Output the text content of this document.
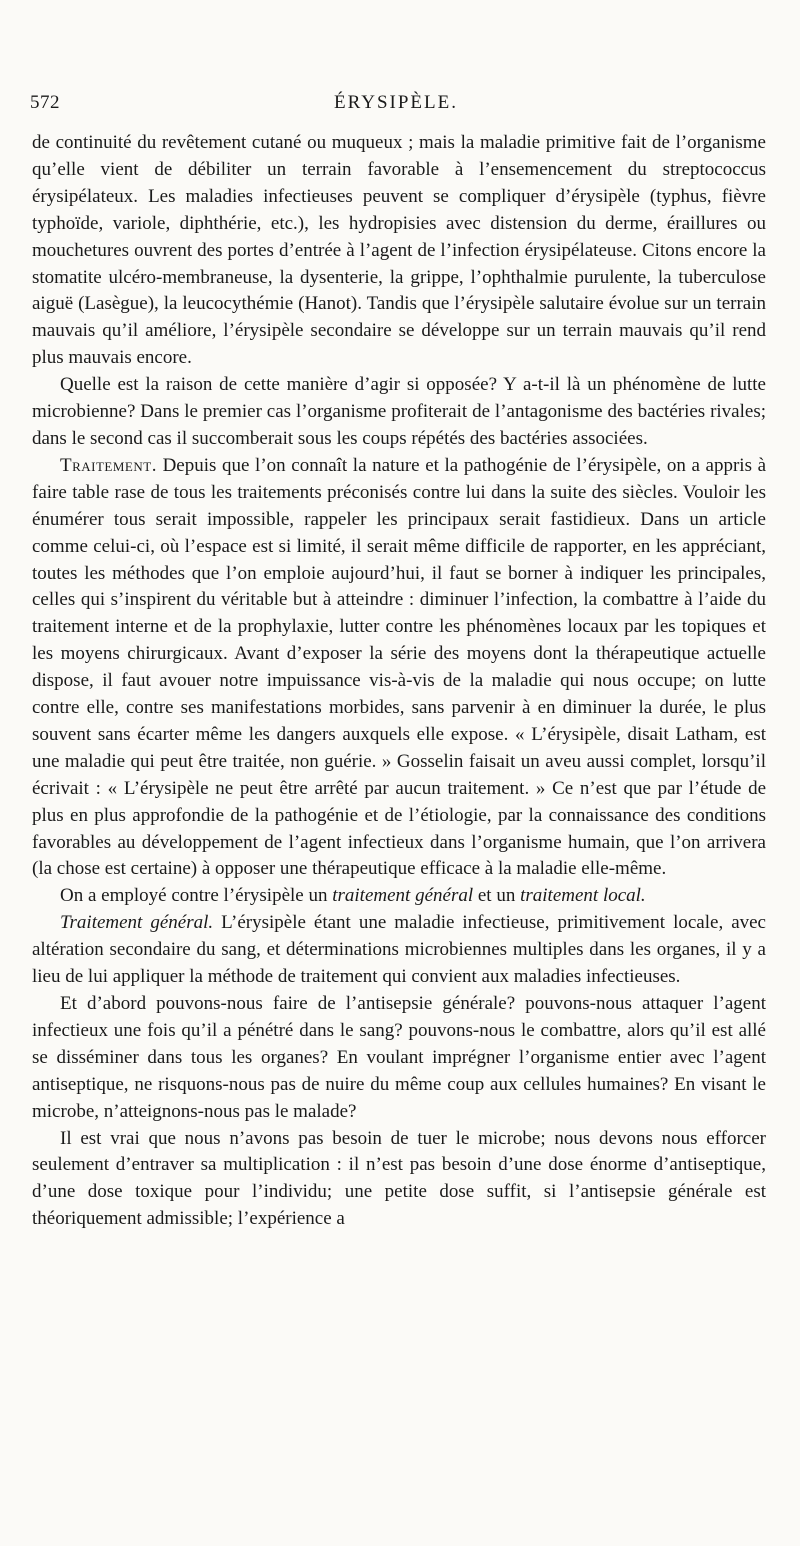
572	ÉRYSIPÈLE.

de continuité du revêtement cutané ou muqueux ; mais la maladie primitive fait de l’organisme qu’elle vient de débiliter un terrain favorable à l’ensemencement du streptococcus érysipélateux. Les maladies infectieuses peuvent se compliquer d’érysipèle (typhus, fièvre typhoïde, variole, diphthérie, etc.), les hydropisies avec distension du derme, éraillures ou mouchetures ouvrent des portes d’entrée à l’agent de l’infection érysipélateuse. Citons encore la stomatite ulcéro-membraneuse, la dysenterie, la grippe, l’ophthalmie purulente, la tuberculose aiguë (Lasègue), la leucocythémie (Hanot). Tandis que l’érysipèle salutaire évolue sur un terrain mauvais qu’il améliore, l’érysipèle secondaire se développe sur un terrain mauvais qu’il rend plus mauvais encore.

Quelle est la raison de cette manière d’agir si opposée? Y a-t-il là un phénomène de lutte microbienne? Dans le premier cas l’organisme profiterait de l’antagonisme des bactéries rivales; dans le second cas il succomberait sous les coups répétés des bactéries associées.

Traitement. Depuis que l’on connaît la nature et la pathogénie de l’érysipèle, on a appris à faire table rase de tous les traitements préconisés contre lui dans la suite des siècles. Vouloir les énumérer tous serait impossible, rappeler les principaux serait fastidieux. Dans un article comme celui-ci, où l’espace est si limité, il serait même difficile de rapporter, en les appréciant, toutes les méthodes que l’on emploie aujourd’hui, il faut se borner à indiquer les principales, celles qui s’inspirent du véritable but à atteindre : diminuer l’infection, la combattre à l’aide du traitement interne et de la prophylaxie, lutter contre les phénomènes locaux par les topiques et les moyens chirurgicaux. Avant d’exposer la série des moyens dont la thérapeutique actuelle dispose, il faut avouer notre impuissance vis-à-vis de la maladie qui nous occupe; on lutte contre elle, contre ses manifestations morbides, sans parvenir à en diminuer la durée, le plus souvent sans écarter même les dangers auxquels elle expose. « L’érysipèle, disait Latham, est une maladie qui peut être traitée, non guérie. » Gosselin faisait un aveu aussi complet, lorsqu’il écrivait : « L’érysipèle ne peut être arrêté par aucun traitement. » Ce n’est que par l’étude de plus en plus approfondie de la pathogénie et de l’étiologie, par la connaissance des conditions favorables au développement de l’agent infectieux dans l’organisme humain, que l’on arrivera (la chose est certaine) à opposer une thérapeutique efficace à la maladie elle-même.

On a employé contre l’érysipèle un traitement général et un traitement local.

Traitement général. L’érysipèle étant une maladie infectieuse, primitivement locale, avec altération secondaire du sang, et déterminations microbiennes multiples dans les organes, il y a lieu de lui appliquer la méthode de traitement qui convient aux maladies infectieuses.

Et d’abord pouvons-nous faire de l’antisepsie générale? pouvons-nous attaquer l’agent infectieux une fois qu’il a pénétré dans le sang? pouvons-nous le combattre, alors qu’il est allé se disséminer dans tous les organes? En voulant imprégner l’organisme entier avec l’agent antiseptique, ne risquons-nous pas de nuire du même coup aux cellules humaines? En visant le microbe, n’atteignons-nous pas le malade?

Il est vrai que nous n’avons pas besoin de tuer le microbe; nous devons nous efforcer seulement d’entraver sa multiplication : il n’est pas besoin d’une dose énorme d’antiseptique, d’une dose toxique pour l’individu; une petite dose suffit, si l’antisepsie générale est théoriquement admissible; l’expérience a
